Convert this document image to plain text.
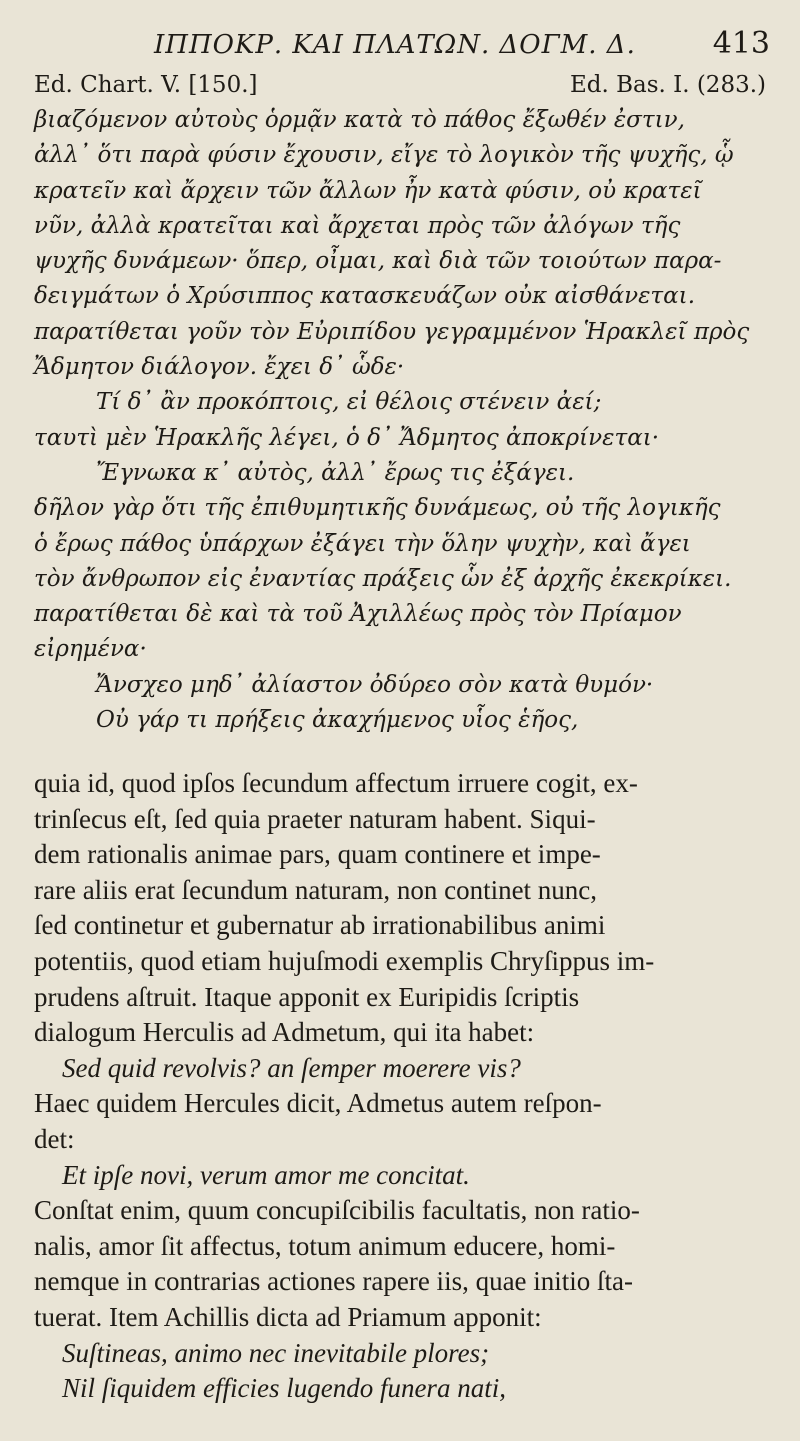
ΙΠΠΟΚΡ. ΚΑΙ ΠΛΑΤΩΝ. ΔΟΓΜ. Δ.	413
Ed. Chart. V. [150.]	Ed. Bas. I. (283.)

βιαζόμενον αὐτοὺς ὁρμᾷν κατὰ τὸ πάθος ἔξωθέν ἐστιν,

ἀλλ᾿ ὅτι παρὰ φύσιν ἔχουσιν, εἴγε τὸ λογικὸν τῆς ψυχῆς, ᾧ

κρατεῖν καὶ ἄρχειν τῶν ἄλλων ἦν κατὰ φύσιν, οὐ κρατεῖ

νῦν, ἀλλὰ κρατεῖται καὶ ἄρχεται πρὸς τῶν ἀλόγων τῆς

ψυχῆς δυνάμεων· ὅπερ, οἶμαι, καὶ διὰ τῶν τοιούτων παρα-

δειγμάτων ὁ Χρύσιππος κατασκευάζων οὐκ αἰσθάνεται.

παρατίθεται γοῦν τὸν Εὐριπίδου γεγραμμένον Ἡρακλεῖ πρὸς

Ἄδμητον διάλογον. ἔχει δ᾿ ὧδε·

Τί δ᾿ ἂν προκόπτοις, εἰ θέλοις στένειν ἀεί;

ταυτὶ μὲν Ἡρακλῆς λέγει, ὁ δ᾿ Ἄδμητος ἀποκρίνεται·

Ἔγνωκα κ᾿ αὐτὸς, ἀλλ᾿ ἔρως τις ἐξάγει.

δῆλον γὰρ ὅτι τῆς ἐπιθυμητικῆς δυνάμεως, οὐ τῆς λογικῆς

ὁ ἔρως πάθος ὑπάρχων ἐξάγει τὴν ὅλην ψυχὴν, καὶ ἄγει

τὸν ἄνθρωπον εἰς ἐναντίας πράξεις ὧν ἐξ ἀρχῆς ἐκεκρίκει.

παρατίθεται δὲ καὶ τὰ τοῦ Ἀχιλλέως πρὸς τὸν Πρίαμον

εἰρημένα·

Ἄνσχεο μηδ᾿ ἀλίαστον ὀδύρεο σὸν κατὰ θυμόν·

Οὐ γάρ τι πρήξεις ἀκαχήμενος υἷος ἑῆος,

quia id, quod ipſos ſecundum affectum irruere cogit, ex-

trinſecus eſt, ſed quia praeter naturam habent. Siqui-

dem rationalis animae pars, quam continere et impe-

rare aliis erat ſecundum naturam, non continet nunc,

ſed continetur et gubernatur ab irrationabilibus animi

potentiis, quod etiam hujuſmodi exemplis Chryſippus im-

prudens aſtruit. Itaque apponit ex Euripidis ſcriptis

dialogum Herculis ad Admetum, qui ita habet:

Sed quid revolvis? an ſemper moerere vis?

Haec quidem Hercules dicit, Admetus autem reſpon-

det:

Et ipſe novi, verum amor me concitat.

Conſtat enim, quum concupiſcibilis facultatis, non ratio-

nalis, amor ſit affectus, totum animum educere, homi-

nemque in contrarias actiones rapere iis, quae initio ſta-

tuerat. Item Achillis dicta ad Priamum apponit:

Suſtineas, animo nec inevitabile plores;

Nil ſiquidem efficies lugendo funera nati,
